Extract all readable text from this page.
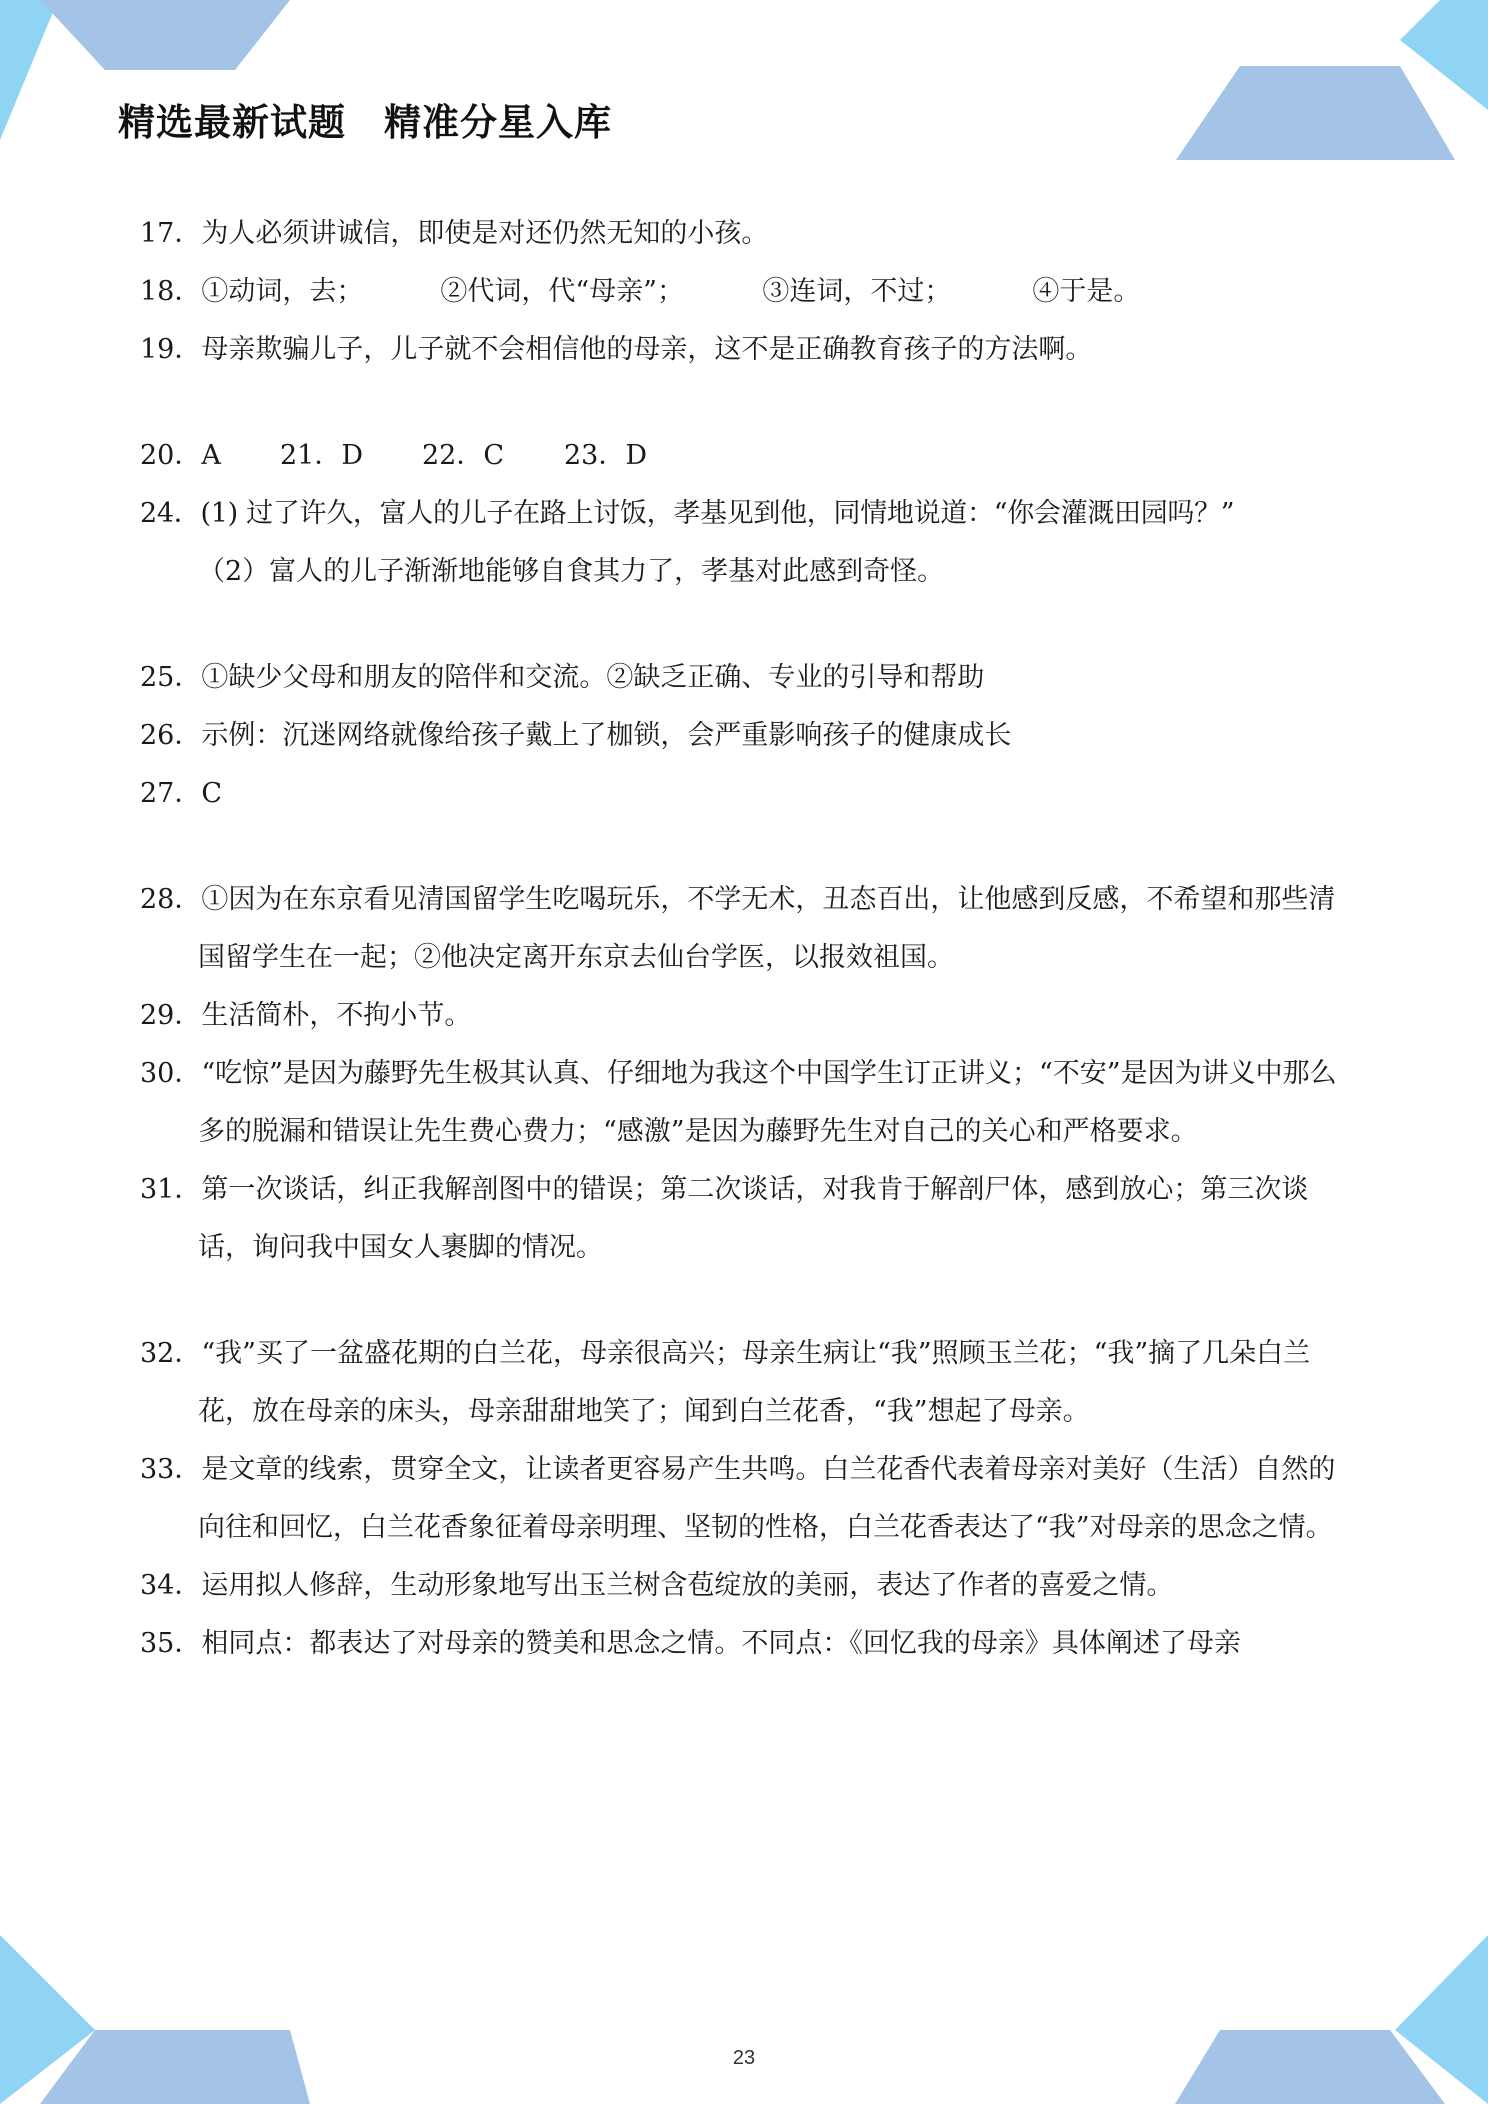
精选最新试题　精准分星入库
17．为人必须讲诚信，即使是对还仍然无知的小孩。
18． ①动词，去；	②代词，代“母亲”；	③连词，不过；	④于是。
19．母亲欺骗儿子，儿子就不会相信他的母亲，这不是正确教育孩子的方法啊。
20．A	21．D	22．C	23．D
24．(1) 过了许久，富人的儿子在路上讨饭，孝基见到他，同情地说道：“你会灌溉田园吗？”
（2）富人的儿子渐渐地能够自食其力了，孝基对此感到奇怪。
25．①缺少父母和朋友的陪伴和交流。②缺乏正确、专业的引导和帮助
26．示例：沉迷网络就像给孩子戴上了枷锁，会严重影响孩子的健康成长
27．C
28．①因为在东京看见清国留学生吃喝玩乐，不学无术，丑态百出，让他感到反感，不希望和那些清国留学生在一起；②他决定离开东京去仙台学医，以报效祖国。
29．生活简朴，不拘小节。
30．“吃惊”是因为藤野先生极其认真、仔细地为我这个中国学生订正讲义；“不安”是因为讲义中那么多的脱漏和错误让先生费心费力；“感激”是因为藤野先生对自己的关心和严格要求。
31．第一次谈话，纠正我解剖图中的错误；第二次谈话，对我肯于解剖尸体，感到放心；第三次谈话，询问我中国女人裹脚的情况。
32．“我”买了一盆盛花期的白兰花，母亲很高兴；母亲生病让“我”照顾玉兰花；“我”摘了几朵白兰花，放在母亲的床头，母亲甜甜地笑了；闻到白兰花香，“我”想起了母亲。
33．是文章的线索，贯穿全文，让读者更容易产生共鸣。白兰花香代表着母亲对美好（生活）自然的向往和回忆，白兰花香象征着母亲明理、坚韧的性格，白兰花香表达了“我”对母亲的思念之情。
34．运用拟人修辞，生动形象地写出玉兰树含苞绽放的美丽，表达了作者的喜爱之情。
35．相同点：都表达了对母亲的赞美和思念之情。不同点：《回忆我的母亲》具体阐述了母亲
23
